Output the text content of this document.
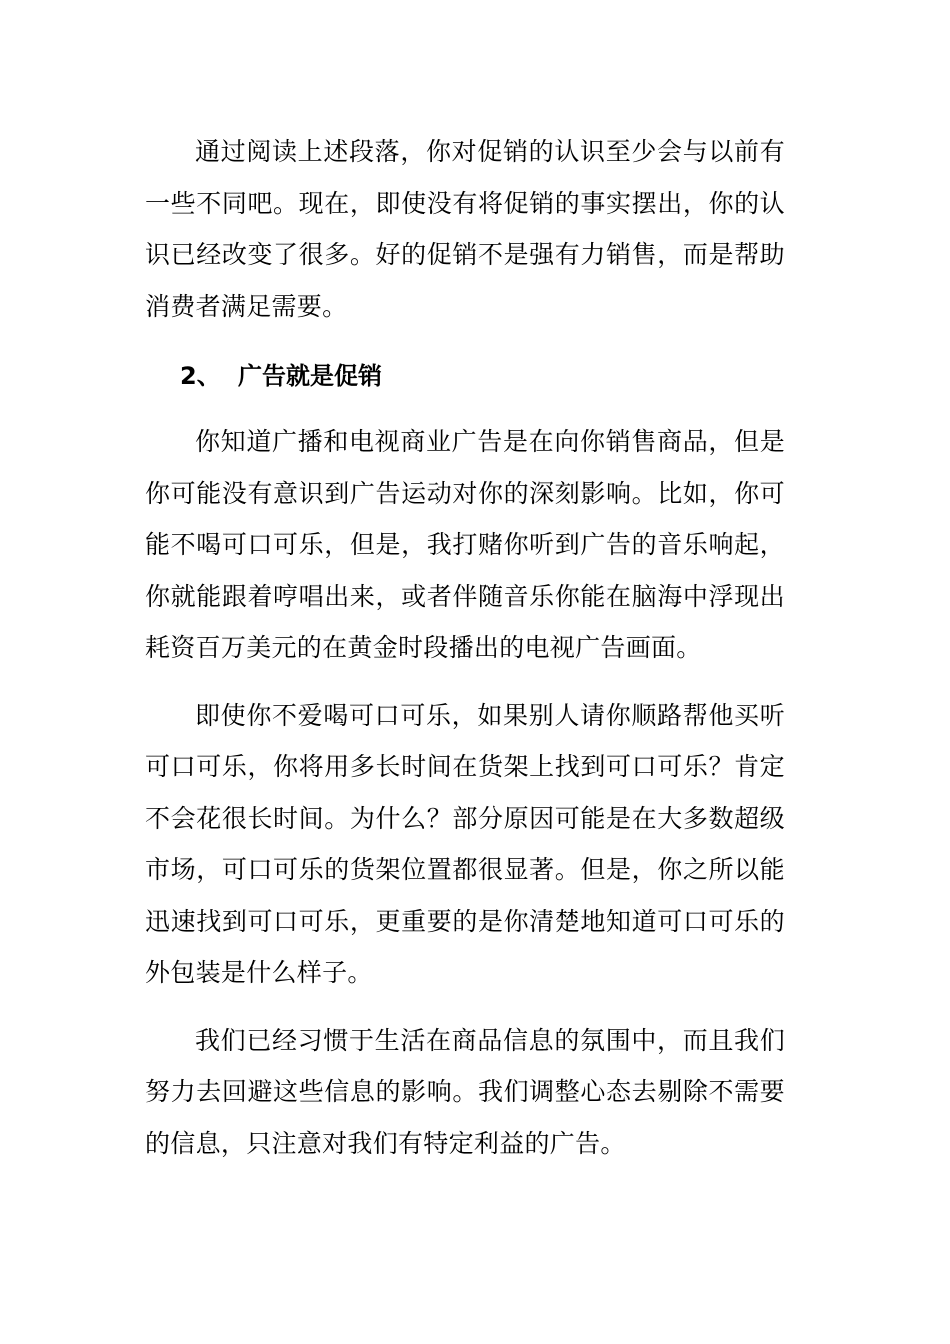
通过阅读上述段落，你对促销的认识至少会与以前有一些不同吧。现在，即使没有将促销的事实摆出，你的认识已经改变了很多。好的促销不是强有力销售，而是帮助消费者满足需要。

2、 广告就是促销

你知道广播和电视商业广告是在向你销售商品，但是你可能没有意识到广告运动对你的深刻影响。比如，你可能不喝可口可乐，但是，我打赌你听到广告的音乐响起，你就能跟着哼唱出来，或者伴随音乐你能在脑海中浮现出耗资百万美元的在黄金时段播出的电视广告画面。

即使你不爱喝可口可乐，如果别人请你顺路帮他买听可口可乐，你将用多长时间在货架上找到可口可乐？肯定不会花很长时间。为什么？部分原因可能是在大多数超级市场，可口可乐的货架位置都很显著。但是，你之所以能迅速找到可口可乐，更重要的是你清楚地知道可口可乐的外包装是什么样子。

我们已经习惯于生活在商品信息的氛围中，而且我们努力去回避这些信息的影响。我们调整心态去剔除不需要的信息，只注意对我们有特定利益的广告。
